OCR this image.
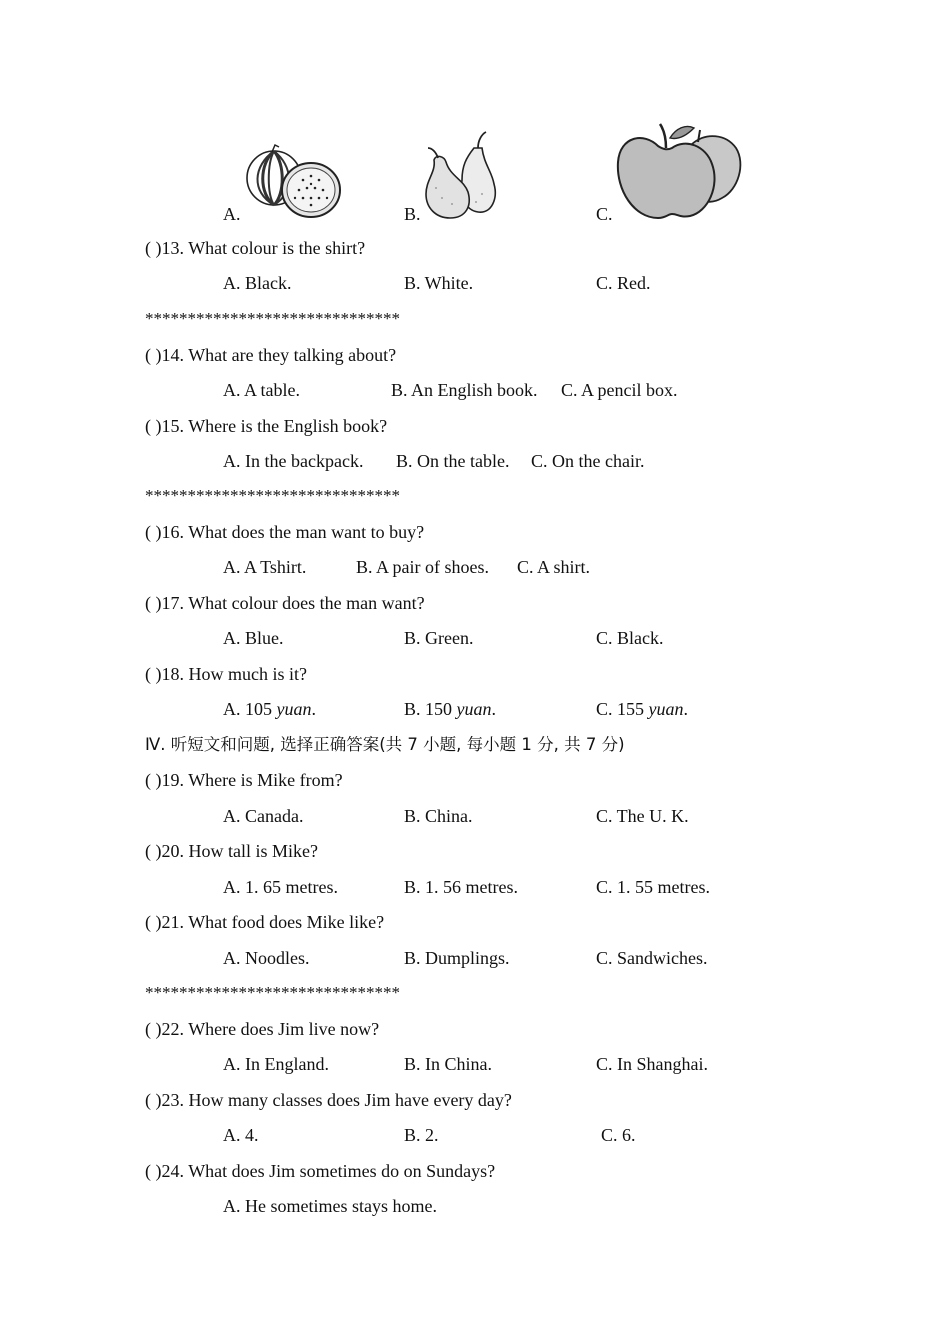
A.	B.	C.
( )13. What colour is the shirt?
A. Black.	B. White.	C. Red.
******************************
( )14. What are they talking about?
A. A table.	B. An English book. C. A pencil box.
( )15. Where is the English book?
A. In the backpack. B. On the table. C. On the chair.
******************************
( )16. What does the man want to buy?
A. A Tshirt.	B. A pair of shoes. C. A shirt.
( )17. What colour does the man want?
A. Blue.	B. Green.	C. Black.
( )18. How much is it?
A. 105 yuan.	B. 150 yuan.	C. 155 yuan.
Ⅳ. 听短文和问题, 选择正确答案(共 7 小题, 每小题 1 分, 共 7 分)
( )19. Where is Mike from?
A. Canada.	B. China.	C. The U. K.
( )20. How tall is Mike?
A. 1. 65 metres.	B. 1. 56 metres.	C. 1. 55 metres.
( )21. What food does Mike like?
A. Noodles.	B. Dumplings.	C. Sandwiches.
******************************
( )22. Where does Jim live now?
A. In England.	B. In China.	C. In Shanghai.
( )23. How many classes does Jim have every day?
A. 4.	B. 2.	C. 6.
( )24. What does Jim sometimes do on Sundays?
A. He sometimes stays home.
